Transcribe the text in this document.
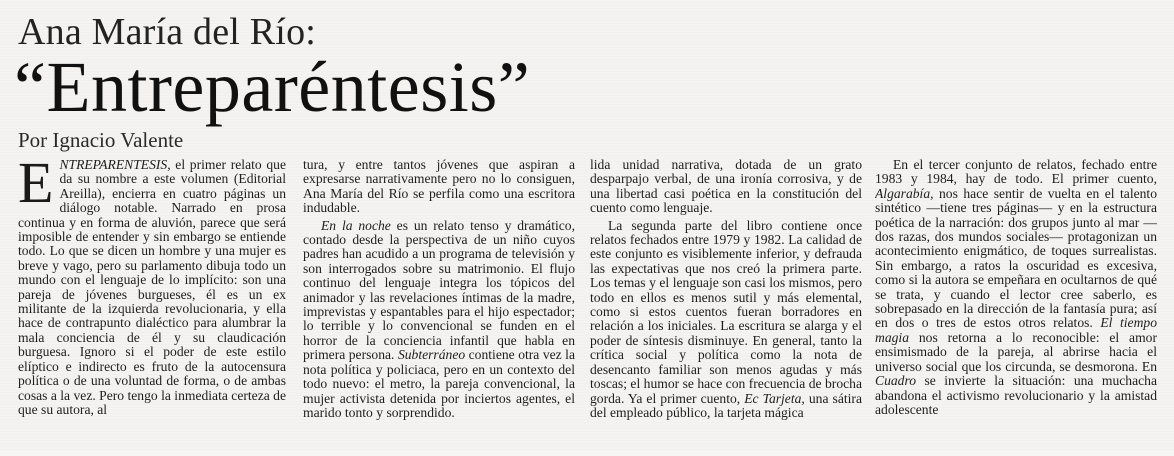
Ana María del Río:
“Entreparéntesis”
Por Ignacio Valente

ENTREPARENTESIS, el primer relato que da su nombre a este volumen (Editorial Areilla), encierra en cuatro páginas un diálogo notable. Narrado en prosa continua y en forma de aluvión, parece que será imposible de entender y sin embargo se entiende todo. Lo que se dicen un hombre y una mujer es breve y vago, pero su parlamento dibuja todo un mundo con el lenguaje de lo implícito: son una pareja de jóvenes burgueses, él es un ex militante de la izquierda revolucionaria, y ella hace de contrapunto dialéctico para alumbrar la mala conciencia de él y su claudicación burguesa. Ignoro si el poder de este estilo elíptico e indirecto es fruto de la autocensura política o de una voluntad de forma, o de ambas cosas a la vez. Pero tengo la inmediata certeza de que su autora, al

tura, y entre tantos jóvenes que aspiran a expresarse narrativamente pero no lo consiguen, Ana María del Río se perfila como una escritora indudable.

En la noche es un relato tenso y dramático, contado desde la perspectiva de un niño cuyos padres han acudido a un programa de televisión y son interrogados sobre su matrimonio. El flujo continuo del lenguaje integra los tópicos del animador y las revelaciones íntimas de la madre, imprevistas y espantables para el hijo espectador; lo terrible y lo convencional se funden en el horror de la conciencia infantil que habla en primera persona. Subterráneo contiene otra vez la nota política y policiaca, pero en un contexto del todo nuevo: el metro, la pareja convencional, la mujer activista detenida por inciertos agentes, el marido tonto y sorprendido.

lida unidad narrativa, dotada de un grato desparpajo verbal, de una ironía corrosiva, y de una libertad casi poética en la constitución del cuento como lenguaje.

La segunda parte del libro contiene once relatos fechados entre 1979 y 1982. La calidad de este conjunto es visiblemente inferior, y defrauda las expectativas que nos creó la primera parte. Los temas y el lenguaje son casi los mismos, pero todo en ellos es menos sutil y más elemental, como si estos cuentos fueran borradores en relación a los iniciales. La escritura se alarga y el poder de síntesis disminuye. En general, tanto la crítica social y política como la nota de desencanto familiar son menos agudas y más toscas; el humor se hace con frecuencia de brocha gorda. Ya el primer cuento, Ec Tarjeta, una sátira del empleado público, la tarjeta mágica

En el tercer conjunto de relatos, fechado entre 1983 y 1984, hay de todo. El primer cuento, Algarabía, nos hace sentir de vuelta en el talento sintético —tiene tres páginas— y en la estructura poética de la narración: dos grupos junto al mar —dos razas, dos mundos sociales— protagonizan un acontecimiento enigmático, de toques surrealistas. Sin embargo, a ratos la oscuridad es excesiva, como si la autora se empeñara en ocultarnos de qué se trata, y cuando el lector cree saberlo, es sobrepasado en la dirección de la fantasía pura; así en dos o tres de estos otros relatos. El tiempo magia nos retorna a lo reconocible: el amor ensimismado de la pareja, al abrirse hacia el universo social que los circunda, se desmorona. En Cuadro se invierte la situación: una muchacha abandona el activismo revolucionario y la amistad adolescente
